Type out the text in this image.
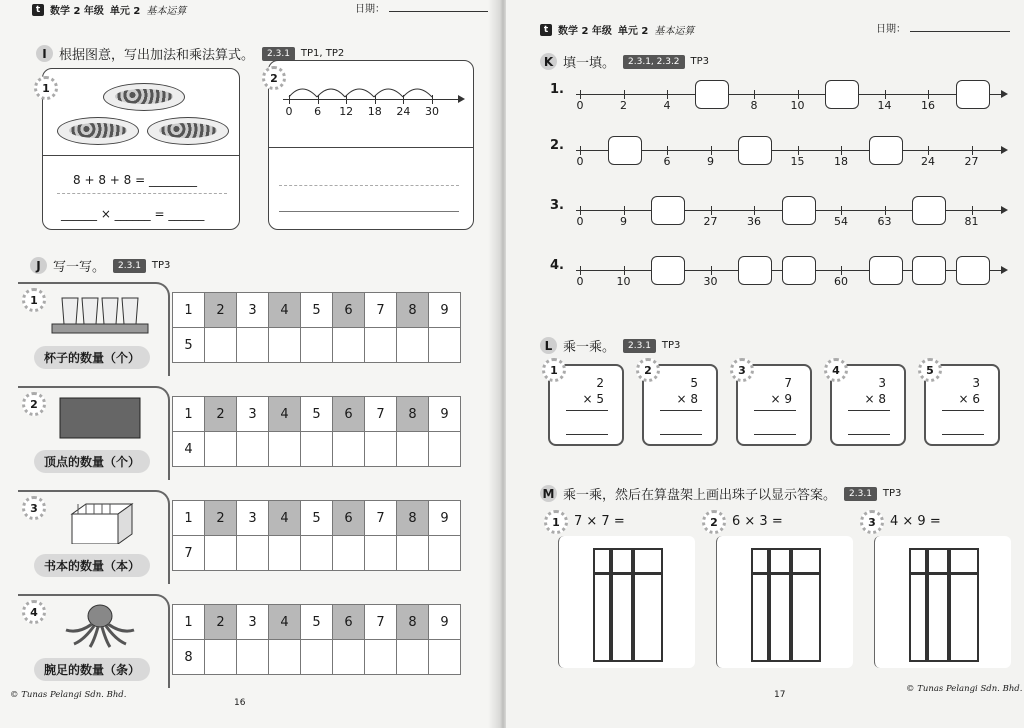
t 数学 2 年级 单元 2 基本运算	日期：
I 根据图意，写出加法和乘法算式。	2.3.1	TP1, TP2
8 + 8 + 8 = ________
______ × ______ = ______
1
0 6 12 18 24 30
2
J 写一写。	2.3.1	TP3
1
杯子的数量（个）
1	2	3	4	5	6	7	8	9
5								
2
顶点的数量（个）
1	2	3	4	5	6	7	8	9
4								
3
书本的数量（本）
1	2	3	4	5	6	7	8	9
7								
4
腕足的数量（条）
1	2	3	4	5	6	7	8	9
8								
© Tunas Pelangi Sdn. Bhd.
16
t 数学 2 年级 单元 2 基本运算	日期：
K 填一填。	2.3.1, 2.3.2	TP3
1.
0	2	4	8	10	14	16
2.
0	6	9	15	18	24	27
3.
0	9	27	36	54	63	81
4.
0	10	30	60
L 乘一乘。	2.3.1	TP3
2
× 5
1
5
× 8
2
7
× 9
3
3
× 8
4
3
× 6
5
M 乘一乘，然后在算盘架上画出珠子以显示答案。	2.3.1	TP3
1	7 × 7 =	2	6 × 3 =	3	4 × 9 =
17
© Tunas Pelangi Sdn. Bhd.
